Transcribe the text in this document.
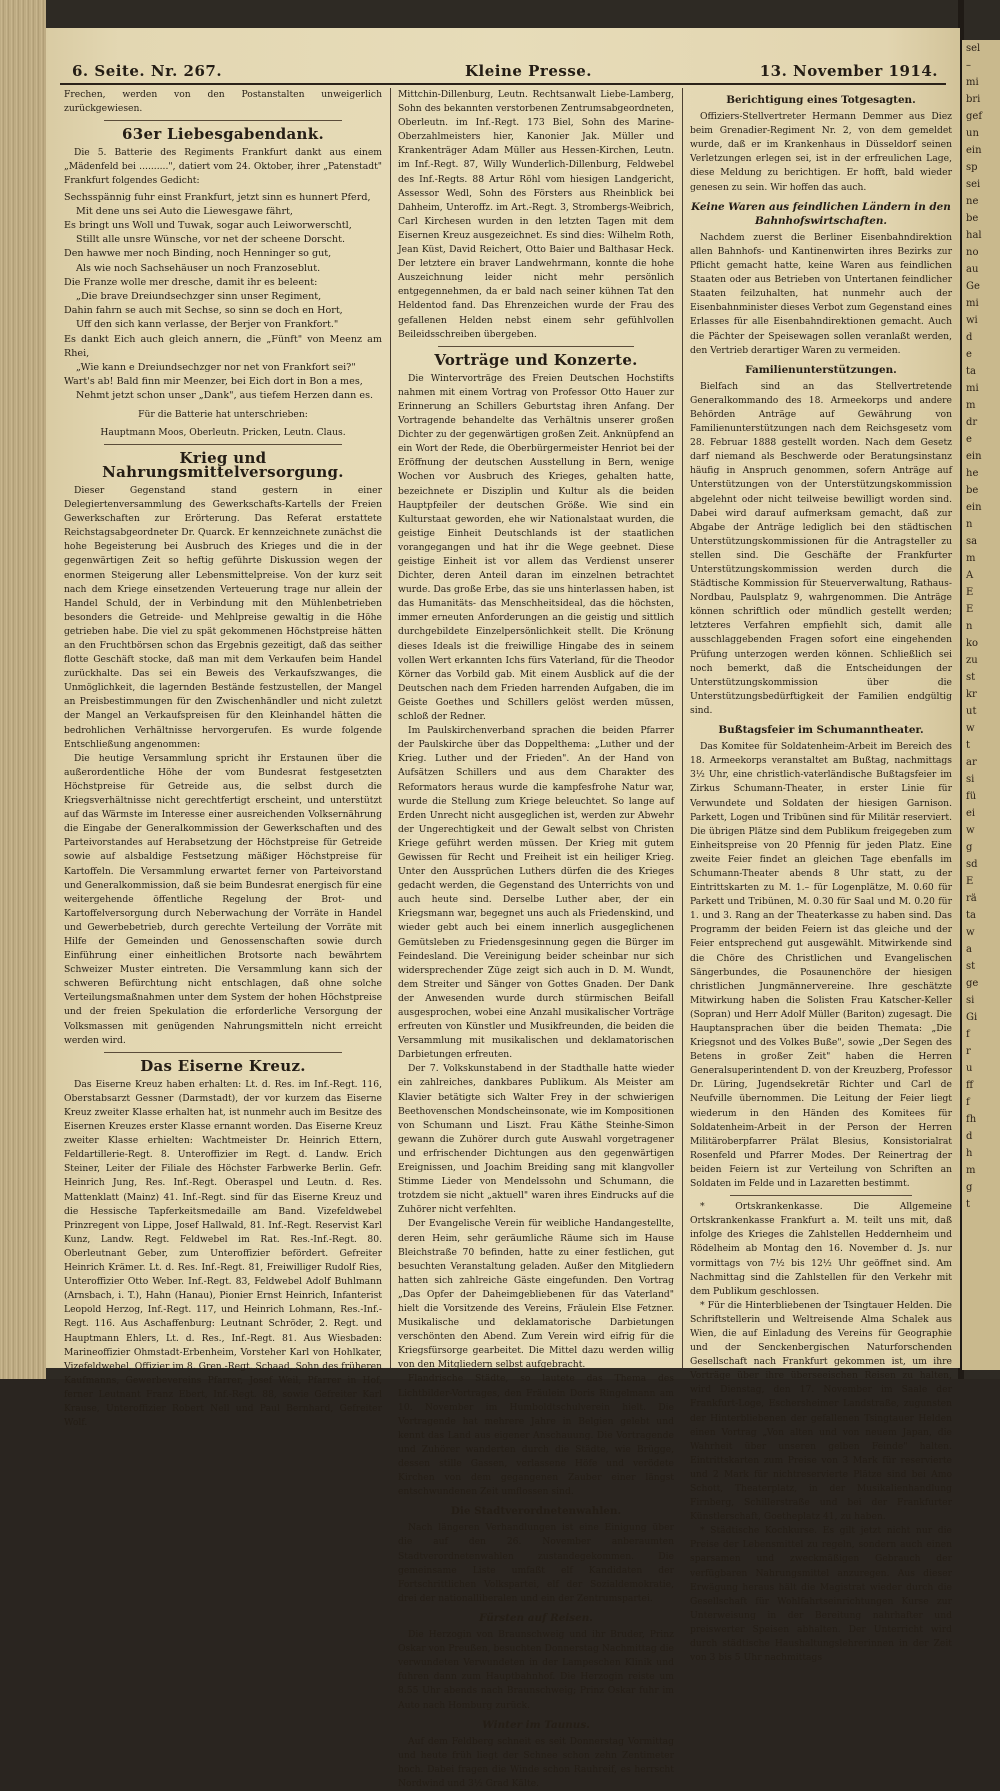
6. Seite. Nr. 267.	Kleine Presse.	13. November 1914.

Frechen, werden von den Postanstalten unweigerlich zurückgewiesen.

63er Liebesgabendank.

Die 5. Batterie des Regiments Frankfurt dankt aus einem „Mädenfeld bei ..........", datiert vom 24. Oktober, ihrer „Patenstadt" Frankfurt folgendes Gedicht:

Sechsspännig fuhr einst Frankfurt, jetzt sinn es hunnert Pferd,
Mit dene uns sei Auto die Liewesgawe fährt,
Es bringt uns Woll und Tuwak, sogar auch Leiworwerschtl,
Stillt alle unsre Wünsche, vor net der scheene Dorscht.
Den hawwe mer noch Binding, noch Henninger so gut,
Als wie noch Sachsehäuser un noch Franzoseblut.
Die Franze wolle mer dresche, damit ihr es beleent:
„Die brave Dreiundsechzger sinn unser Regiment,
Dahin fahrn se auch mit Sechse, so sinn se doch en Hort,
Uff den sich kann verlasse, der Berjer von Frankfort."
Es dankt Eich auch gleich annern, die „Fünft" von Meenz am Rhei,
„Wie kann e Dreiundsechzger nor net von Frankfort sei?"
Wart's ab! Bald finn mir Meenzer, bei Eich dort in Bon a mes,
Nehmt jetzt schon unser „Dank", aus tiefem Herzen dann es.

Für die Batterie hat unterschrieben:

Hauptmann Moos, Oberleutn. Pricken, Leutn. Claus.

Krieg und Nahrungsmittelversorgung.

Dieser Gegenstand stand gestern in einer Delegiertenversammlung des Gewerkschafts-Kartells der Freien Gewerkschaften zur Erörterung. Das Referat erstattete Reichstagsabgeordneter Dr. Quarck. Er kennzeichnete zunächst die hohe Begeisterung bei Ausbruch des Krieges und die in der gegenwärtigen Zeit so heftig geführte Diskussion wegen der enormen Steigerung aller Lebensmittelpreise. Von der kurz seit nach dem Kriege einsetzenden Verteuerung trage nur allein der Handel Schuld, der in Verbindung mit den Mühlenbetrieben besonders die Getreide- und Mehlpreise gewaltig in die Höhe getrieben habe. Die viel zu spät gekommenen Höchstpreise hätten an den Fruchtbörsen schon das Ergebnis gezeitigt, daß das seither flotte Geschäft stocke, daß man mit dem Verkaufen beim Handel zurückhalte. Das sei ein Beweis des Verkaufszwanges, die Unmöglichkeit, die lagernden Bestände festzustellen, der Mangel an Preisbestimmungen für den Zwischenhändler und nicht zuletzt der Mangel an Verkaufspreisen für den Kleinhandel hätten die bedrohlichen Verhältnisse hervorgerufen. Es wurde folgende Entschließung angenommen:

Die heutige Versammlung spricht ihr Erstaunen über die außerordentliche Höhe der vom Bundesrat festgesetzten Höchstpreise für Getreide aus, die selbst durch die Kriegsverhältnisse nicht gerechtfertigt erscheint, und unterstützt auf das Wärmste im Interesse einer ausreichenden Volksernährung die Eingabe der Generalkommission der Gewerkschaften und des Parteivorstandes auf Herabsetzung der Höchstpreise für Getreide sowie auf alsbaldige Festsetzung mäßiger Höchstpreise für Kartoffeln. Die Versammlung erwartet ferner von Parteivorstand und Generalkommission, daß sie beim Bundesrat energisch für eine weitergehende öffentliche Regelung der Brot- und Kartoffelversorgung durch Neberwachung der Vorräte in Handel und Gewerbebetrieb, durch gerechte Verteilung der Vorräte mit Hilfe der Gemeinden und Genossenschaften sowie durch Einführung einer einheitlichen Brotsorte nach bewährtem Schweizer Muster eintreten. Die Versammlung kann sich der schweren Befürchtung nicht entschlagen, daß ohne solche Verteilungsmaßnahmen unter dem System der hohen Höchstpreise und der freien Spekulation die erforderliche Versorgung der Volksmassen mit genügenden Nahrungsmitteln nicht erreicht werden wird.

Das Eiserne Kreuz.

Das Eiserne Kreuz haben erhalten: Lt. d. Res. im Inf.-Regt. 116, Oberstabsarzt Gessner (Darmstadt), der vor kurzem das Eiserne Kreuz zweiter Klasse erhalten hat, ist nunmehr auch im Besitze des Eisernen Kreuzes erster Klasse ernannt worden. Das Eiserne Kreuz zweiter Klasse erhielten: Wachtmeister Dr. Heinrich Ettern, Feldartillerie-Regt. 8. Unteroffizier im Regt. d. Landw. Erich Steiner, Leiter der Filiale des Höchster Farbwerke Berlin. Gefr. Heinrich Jung, Res. Inf.-Regt. Oberaspel und Leutn. d. Res. Mattenklatt (Mainz) 41. Inf.-Regt. sind für das Eiserne Kreuz und die Hessische Tapferkeitsmedaille am Band. Vizefeldwebel Prinzregent von Lippe, Josef Hallwald, 81. Inf.-Regt. Reservist Karl Kunz, Landw. Regt. Feldwebel im Rat. Res.-Inf.-Regt. 80. Oberleutnant Geber, zum Unteroffizier befördert. Gefreiter Heinrich Krämer. Lt. d. Res. Inf.-Regt. 81, Freiwilliger Rudolf Ries, Unteroffizier Otto Weber. Inf.-Regt. 83, Feldwebel Adolf Buhlmann (Arnsbach, i. T.), Hahn (Hanau), Pionier Ernst Heinrich, Infanterist Leopold Herzog, Inf.-Regt. 117, und Heinrich Lohmann, Res.-Inf.-Regt. 116. Aus Aschaffenburg: Leutnant Schröder, 2. Regt. und Hauptmann Ehlers, Lt. d. Res., Inf.-Regt. 81. Aus Wiesbaden: Marineoffizier Ohmstadt-Erbenheim, Vorsteher Karl von Hohlkater, Vizefeldwebel, Offizier im 8. Gren.-Regt. Schaad, Sohn des früheren Kaufmanns, Gewerbevereins Pfarrer, Josef Weil, Pfarrer in Hof, ferner Leutnant Franz Ebert, Inf.-Regt. 88, sowie Gefreiter Karl Krause, Unteroffizier Robert Nell und Paul Bernhard, Gefreiter Wolf.

Mittchin-Dillenburg, Leutn. Rechtsanwalt Liebe-Lamberg, Sohn des bekannten verstorbenen Zentrumsabgeordneten, Oberleutn. im Inf.-Regt. 173 Biel, Sohn des Marine-Oberzahlmeisters hier, Kanonier Jak. Müller und Krankenträger Adam Müller aus Hessen-Kirchen, Leutn. im Inf.-Regt. 87, Willy Wunderlich-Dillenburg, Feldwebel des Inf.-Regts. 88 Artur Röhl vom hiesigen Landgericht, Assessor Wedl, Sohn des Försters aus Rheinblick bei Dahheim, Unteroffz. im Art.-Regt. 3, Strombergs-Weibrich, Carl Kirchesen wurden in den letzten Tagen mit dem Eisernen Kreuz ausgezeichnet. Es sind dies: Wilhelm Roth, Jean Küst, David Reichert, Otto Baier und Balthasar Heck. Der letztere ein braver Landwehrmann, konnte die hohe Auszeichnung leider nicht mehr persönlich entgegennehmen, da er bald nach seiner kühnen Tat den Heldentod fand. Das Ehrenzeichen wurde der Frau des gefallenen Helden nebst einem sehr gefühlvollen Beileidsschreiben übergeben.

Vorträge und Konzerte.

Die Wintervorträge des Freien Deutschen Hochstifts nahmen mit einem Vortrag von Professor Otto Hauer zur Erinnerung an Schillers Geburtstag ihren Anfang. Der Vortragende behandelte das Verhältnis unserer großen Dichter zu der gegenwärtigen großen Zeit. Anknüpfend an ein Wort der Rede, die Oberbürgermeister Henriot bei der Eröffnung der deutschen Ausstellung in Bern, wenige Wochen vor Ausbruch des Krieges, gehalten hatte, bezeichnete er Disziplin und Kultur als die beiden Hauptpfeiler der deutschen Größe. Wie sind ein Kulturstaat geworden, ehe wir Nationalstaat wurden, die geistige Einheit Deutschlands ist der staatlichen vorangegangen und hat ihr die Wege geebnet. Diese geistige Einheit ist vor allem das Verdienst unserer Dichter, deren Anteil daran im einzelnen betrachtet wurde. Das große Erbe, das sie uns hinterlassen haben, ist das Humanitäts- das Menschheitsideal, das die höchsten, immer erneuten Anforderungen an die geistig und sittlich durchgebildete Einzelpersönlichkeit stellt. Die Krönung dieses Ideals ist die freiwillige Hingabe des in seinem vollen Wert erkannten Ichs fürs Vaterland, für die Theodor Körner das Vorbild gab. Mit einem Ausblick auf die der Deutschen nach dem Frieden harrenden Aufgaben, die im Geiste Goethes und Schillers gelöst werden müssen, schloß der Redner.

Im Paulskirchenverband sprachen die beiden Pfarrer der Paulskirche über das Doppelthema: „Luther und der Krieg. Luther und der Frieden". An der Hand von Aufsätzen Schillers und aus dem Charakter des Reformators heraus wurde die kampfesfrohe Natur war, wurde die Stellung zum Kriege beleuchtet. So lange auf Erden Unrecht nicht ausgeglichen ist, werden zur Abwehr der Ungerechtigkeit und der Gewalt selbst von Christen Kriege geführt werden müssen. Der Krieg mit gutem Gewissen für Recht und Freiheit ist ein heiliger Krieg. Unter den Aussprüchen Luthers dürfen die des Krieges gedacht werden, die Gegenstand des Unterrichts von und auch heute sind. Derselbe Luther aber, der ein Kriegsmann war, begegnet uns auch als Friedenskind, und wieder gebt auch bei einem innerlich ausgeglichenen Gemütsleben zu Friedensgesinnung gegen die Bürger im Feindesland. Die Vereinigung beider scheinbar nur sich widersprechender Züge zeigt sich auch in D. M. Wundt, dem Streiter und Sänger von Gottes Gnaden. Der Dank der Anwesenden wurde durch stürmischen Beifall ausgesprochen, wobei eine Anzahl musikalischer Vorträge erfreuten von Künstler und Musikfreunden, die beiden die Versammlung mit musikalischen und deklamatorischen Darbietungen erfreuten.

Der 7. Volkskunstabend in der Stadthalle hatte wieder ein zahlreiches, dankbares Publikum. Als Meister am Klavier betätigte sich Walter Frey in der schwierigen Beethovenschen Mondscheinsonate, wie im Kompositionen von Schumann und Liszt. Frau Käthe Steinhe-Simon gewann die Zuhörer durch gute Auswahl vorgetragener und erfrischender Dichtungen aus den gegenwärtigen Ereignissen, und Joachim Breiding sang mit klangvoller Stimme Lieder von Mendelssohn und Schumann, die trotzdem sie nicht „aktuell" waren ihres Eindrucks auf die Zuhörer nicht verfehlten.

Der Evangelische Verein für weibliche Handangestellte, deren Heim, sehr geräumliche Räume sich im Hause Bleichstraße 70 befinden, hatte zu einer festlichen, gut besuchten Veranstaltung geladen. Außer den Mitgliedern hatten sich zahlreiche Gäste eingefunden. Den Vortrag „Das Opfer der Daheimgebliebenen für das Vaterland" hielt die Vorsitzende des Vereins, Fräulein Else Fetzner. Musikalische und deklamatorische Darbietungen verschönten den Abend. Zum Verein wird eifrig für die Kriegsfürsorge gearbeitet. Die Mittel dazu werden willig von den Mitgliedern selbst aufgebracht.

Flandrische Städte, so lautete das Thema des Lichtbilder-Vortrages, den Fräulein Doris Ringelmann am 10. November im Humboldtschulverein hielt. Die Vortragende hat mehrere Jahre in Belgien gelebt und kennt das Land aus eigener Anschauung. Die Vortragende und Zuhörer wanderten durch die Städte, wie Brügge, dessen stille Gassen, verlassene Höfe und verödete Kirchen von dem gegangenen Zauber einer längst entschwundenen Zeit umflossen sind.

Die Stadtverordnetenwahlen.

Nach längeren Verhandlungen ist eine Einigung über die auf den 26. November anberaumten Stadtverordnetenwahlen zustandegekommen. Die gemeinsame Liste umfaßt elf Kandidaten der Fortschrittlichen Volkspartei, elf der Sozialdemokratie, drei der nationalliberalen und ein der Zentrumspartei.

Fürsten auf Reisen.

Die Herzogin von Braunschweig und ihr Bruder, Prinz Oskar von Preußen, besuchten Donnerstag Nachmittag die verwundeten Verwundeten in der Lampeschen Klinik und fuhren dann zum Hauptbahnhof. Die Herzogin reiste um 8.55 Uhr abends nach Braunschweig; Prinz Oskar fuhr im Auto nach Homburg zurück.

Winter im Taunus.

Auf dem Feldberg schneit es seit Donnerstag Vormittag und heute früh liegt der Schnee schon zehn Zentimeter hoch. Dabei fragen die Winde schon Rauhreif, es herrscht Nordwind und 3½ Grad Kälte.

Berichtigung eines Totgesagten.

Offiziers-Stellvertreter Hermann Demmer aus Diez beim Grenadier-Regiment Nr. 2, von dem gemeldet wurde, daß er im Krankenhaus in Düsseldorf seinen Verletzungen erlegen sei, ist in der erfreulichen Lage, diese Meldung zu berichtigen. Er hofft, bald wieder genesen zu sein. Wir hoffen das auch.

Keine Waren aus feindlichen Ländern in den Bahnhofswirtschaften.

Nachdem zuerst die Berliner Eisenbahndirektion allen Bahnhofs- und Kantinenwirten ihres Bezirks zur Pflicht gemacht hatte, keine Waren aus feindlichen Staaten oder aus Betrieben von Untertanen feindlicher Staaten feilzuhalten, hat nunmehr auch der Eisenbahnminister dieses Verbot zum Gegenstand eines Erlasses für alle Eisenbahndirektionen gemacht. Auch die Pächter der Speisewagen sollen veranlaßt werden, den Vertrieb derartiger Waren zu vermeiden.

Familienunterstützungen.

Bielfach sind an das Stellvertretende Generalkommando des 18. Armeekorps und andere Behörden Anträge auf Gewährung von Familienunterstützungen nach dem Reichsgesetz vom 28. Februar 1888 gestellt worden. Nach dem Gesetz darf niemand als Beschwerde oder Beratungsinstanz häufig in Anspruch genommen, sofern Anträge auf Unterstützungen von der Unterstützungskommission abgelehnt oder nicht teilweise bewilligt worden sind. Dabei wird darauf aufmerksam gemacht, daß zur Abgabe der Anträge lediglich bei den städtischen Unterstützungskommissionen für die Antragsteller zu stellen sind. Die Geschäfte der Frankfurter Unterstützungskommission werden durch die Städtische Kommission für Steuerverwaltung, Rathaus-Nordbau, Paulsplatz 9, wahrgenommen. Die Anträge können schriftlich oder mündlich gestellt werden; letzteres Verfahren empfiehlt sich, damit alle ausschlaggebenden Fragen sofort eine eingehenden Prüfung unterzogen werden können. Schließlich sei noch bemerkt, daß die Entscheidungen der Unterstützungskommission über die Unterstützungsbedürftigkeit der Familien endgültig sind.

Bußtagsfeier im Schumanntheater.

Das Komitee für Soldatenheim-Arbeit im Bereich des 18. Armeekorps veranstaltet am Bußtag, nachmittags 3½ Uhr, eine christlich-vaterländische Bußtagsfeier im Zirkus Schumann-Theater, in erster Linie für Verwundete und Soldaten der hiesigen Garnison. Parkett, Logen und Tribünen sind für Militär reserviert. Die übrigen Plätze sind dem Publikum freigegeben zum Einheitspreise von 20 Pfennig für jeden Platz. Eine zweite Feier findet an gleichen Tage ebenfalls im Schumann-Theater abends 8 Uhr statt, zu der Eintrittskarten zu M. 1.– für Logenplätze, M. 0.60 für Parkett und Tribünen, M. 0.30 für Saal und M. 0.20 für 1. und 3. Rang an der Theaterkasse zu haben sind. Das Programm der beiden Feiern ist das gleiche und der Feier entsprechend gut ausgewählt. Mitwirkende sind die Chöre des Christlichen und Evangelischen Sängerbundes, die Posaunenchöre der hiesigen christlichen Jungmännervereine. Ihre geschätzte Mitwirkung haben die Solisten Frau Katscher-Keller (Sopran) und Herr Adolf Müller (Bariton) zugesagt. Die Hauptansprachen über die beiden Themata: „Die Kriegsnot und des Volkes Buße", sowie „Der Segen des Betens in großer Zeit" haben die Herren Generalsuperintendent D. von der Kreuzberg, Professor Dr. Lüring, Jugendsekretär Richter und Carl de Neufville übernommen. Die Leitung der Feier liegt wiederum in den Händen des Komitees für Soldatenheim-Arbeit in der Person der Herren Militäroberpfarrer Prälat Blesius, Konsistorialrat Rosenfeld und Pfarrer Modes. Der Reinertrag der beiden Feiern ist zur Verteilung von Schriften an Soldaten im Felde und in Lazaretten bestimmt.

* Ortskrankenkasse. Die Allgemeine Ortskrankenkasse Frankfurt a. M. teilt uns mit, daß infolge des Krieges die Zahlstellen Heddernheim und Rödelheim ab Montag den 16. November d. Js. nur vormittags von 7½ bis 12½ Uhr geöffnet sind. Am Nachmittag sind die Zahlstellen für den Verkehr mit dem Publikum geschlossen.

* Für die Hinterbliebenen der Tsingtauer Helden. Die Schriftstellerin und Weltreisende Alma Schalek aus Wien, die auf Einladung des Vereins für Geographie und der Senckenbergischen Naturforschenden Gesellschaft nach Frankfurt gekommen ist, um ihre Vorträge über ihre überseeischen Reisen zu halten, wird Dienstag, den 17. November im Saale der Frankfurt-Loge, Eschersheimer Landstraße, zugunsten der Hinterbliebenen der gefallenen Tsingtauer Helden einen Vortrag „Von alten und von neuem Japan, die Wahrheit über unseren gelben Feinde" halten. Eintrittskarten zum Preise von 3 Mark für reservierte und 2 Mark für nichtreservierte Plätze sind bei Amo Schott, Theaterplatz, in der Musikalienhandlung Firnberg, Schillerstraße und bei der Frankfurter Künstlerschaft, Goetheplatz 41, zu haben.

* Städtische Kochkurse. Es gilt jetzt nicht nur die Preise der Lebensmittel zu regeln, sondern auch einen sparsamen und zweckmäßigen Gebrauch der verfügbaren Nahrungsmittel anzuregen. Aus dieser Erwägung heraus hält die Magistrat wieder durch die Gesellschaft für Wohlfahrtseinrichtungen Kurse zur Unterweisung in der Bereitung nahrhafter und preiswerter Speisen abhalten. Der Unterricht wird durch städtische Haushaltungslehrerinnen in der Zeit von 3 bis 5 Uhr nachmittags

sel
–
mi
bri
gef
un
ein
sp
sei
ne
be
hal
no
au
Ge
mi
wi
d
e
ta
mi
m
dr
e
ein
he
be
ein
n
sa
m
A
E
E
n
ko
zu
st
kr
ut
w
t
ar
si
fü
ei
w
g
sd
E
rä
ta
w
a
st
ge
si
Gi
f
r
u
ff
f
fh
d
h
m
g
t
